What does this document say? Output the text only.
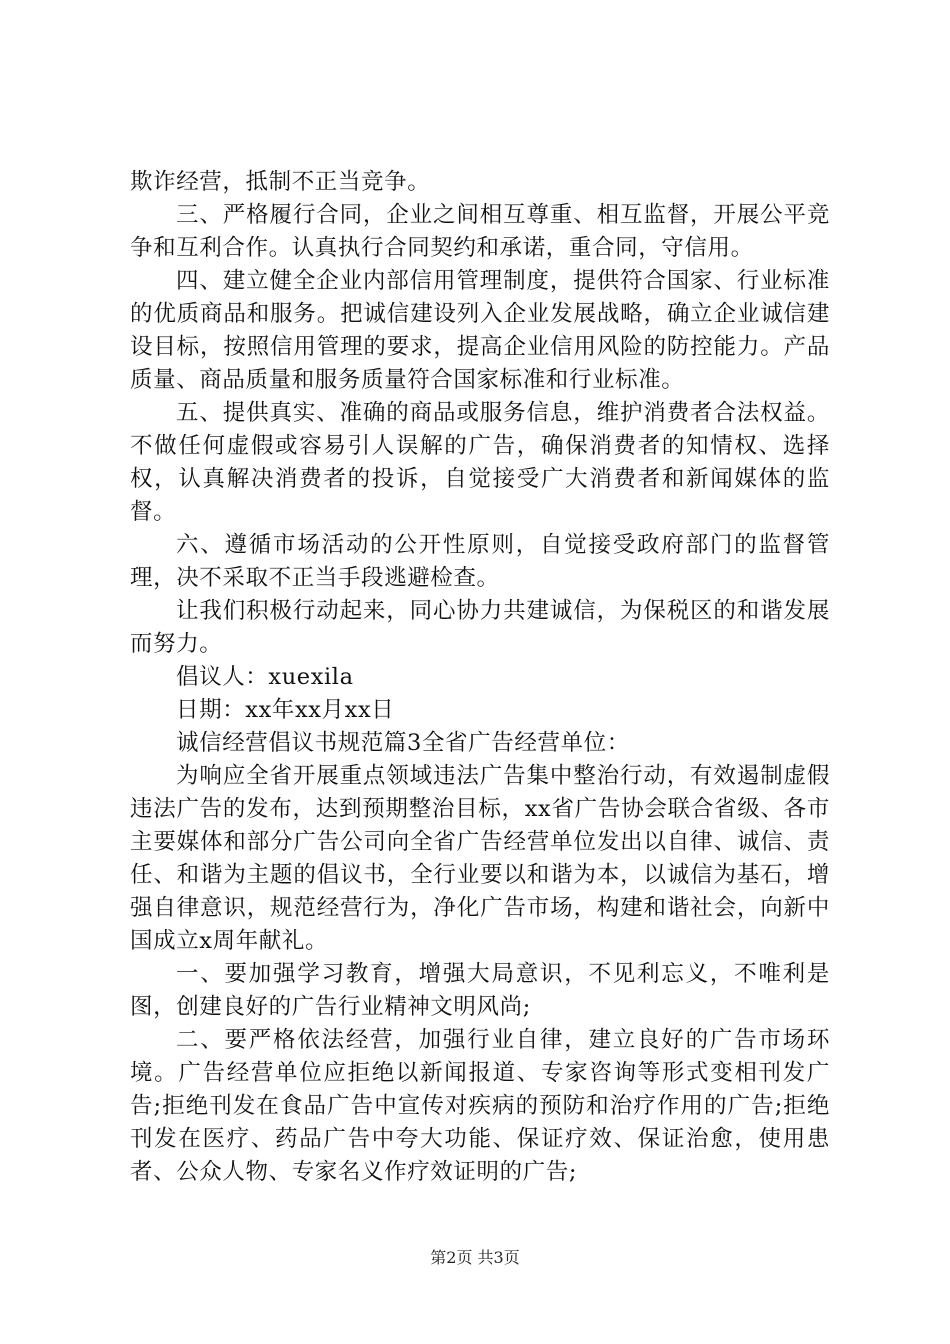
欺诈经营，抵制不正当竞争。

三、严格履行合同，企业之间相互尊重、相互监督，开展公平竞争和互利合作。认真执行合同契约和承诺，重合同，守信用。

四、建立健全企业内部信用管理制度，提供符合国家、行业标准的优质商品和服务。把诚信建设列入企业发展战略，确立企业诚信建设目标，按照信用管理的要求，提高企业信用风险的防控能力。产品质量、商品质量和服务质量符合国家标准和行业标准。

五、提供真实、准确的商品或服务信息，维护消费者合法权益。不做任何虚假或容易引人误解的广告，确保消费者的知情权、选择权，认真解决消费者的投诉，自觉接受广大消费者和新闻媒体的监督。

六、遵循市场活动的公开性原则，自觉接受政府部门的监督管理，决不采取不正当手段逃避检查。

让我们积极行动起来，同心协力共建诚信，为保税区的和谐发展而努力。

倡议人：xuexila

日期：xx年xx月xx日

诚信经营倡议书规范篇3全省广告经营单位：

为响应全省开展重点领域违法广告集中整治行动，有效遏制虚假违法广告的发布，达到预期整治目标，xx省广告协会联合省级、各市主要媒体和部分广告公司向全省广告经营单位发出以自律、诚信、责任、和谐为主题的倡议书，全行业要以和谐为本，以诚信为基石，增强自律意识，规范经营行为，净化广告市场，构建和谐社会，向新中国成立x周年献礼。

一、要加强学习教育，增强大局意识，不见利忘义，不唯利是图，创建良好的广告行业精神文明风尚;

二、要严格依法经营，加强行业自律，建立良好的广告市场环境。广告经营单位应拒绝以新闻报道、专家咨询等形式变相刊发广告;拒绝刊发在食品广告中宣传对疾病的预防和治疗作用的广告;拒绝刊发在医疗、药品广告中夸大功能、保证疗效、保证治愈，使用患者、公众人物、专家名义作疗效证明的广告;

第2页 共3页
